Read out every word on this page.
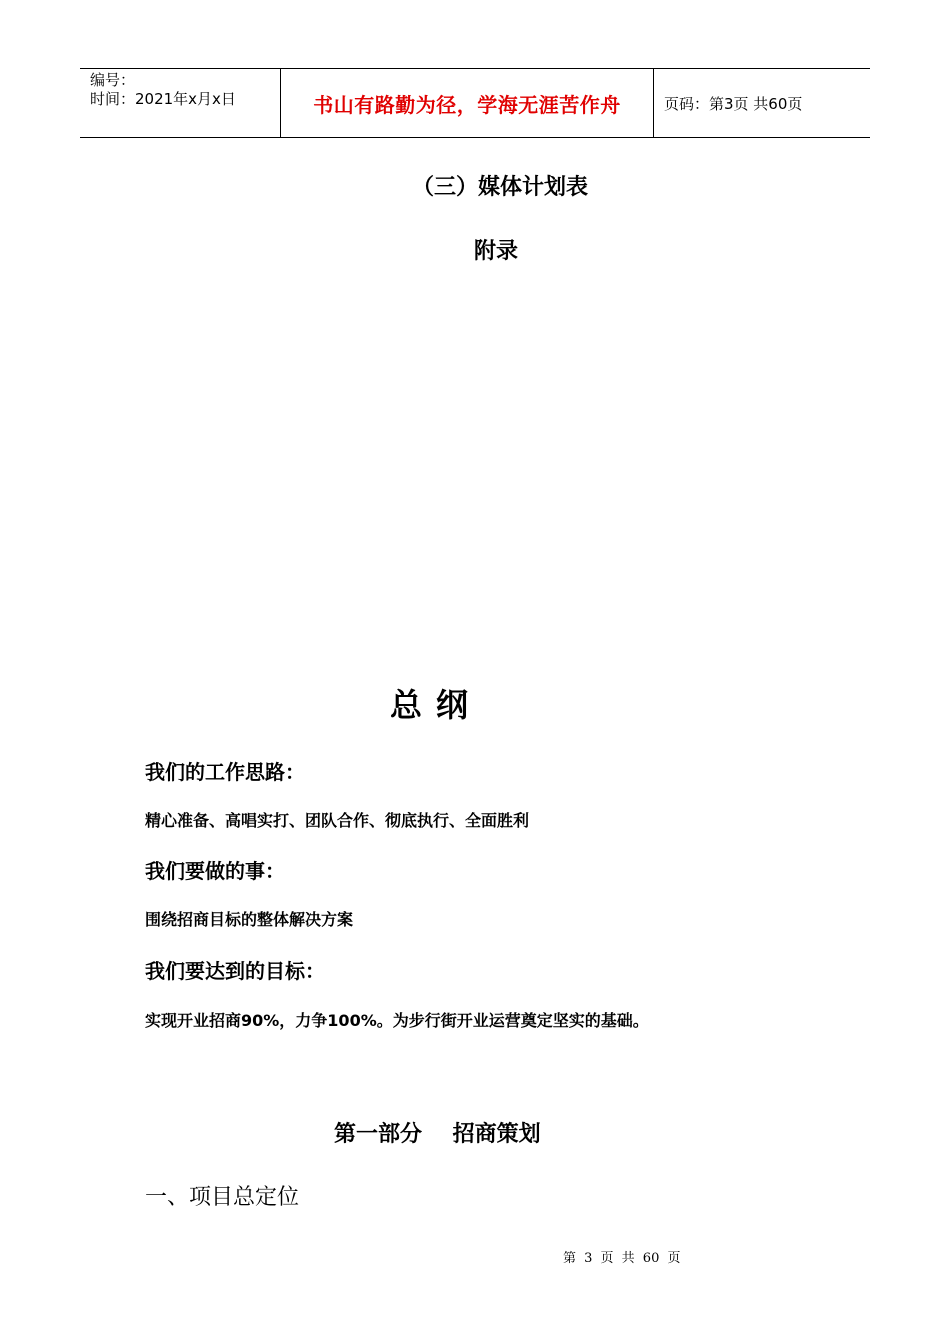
编号：
时间：2021年x月x日	书山有路勤为径，学海无涯苦作舟	页码：第3页 共60页
（三）媒体计划表
附录
总纲
我们的工作思路：
精心准备、高唱实打、团队合作、彻底执行、全面胜利
我们要做的事：
围绕招商目标的整体解决方案
我们要达到的目标：
实现开业招商90%，力争100%。为步行街开业运营奠定坚实的基础。
第一部分    招商策划
一、项目总定位
第 3 页 共 60 页
